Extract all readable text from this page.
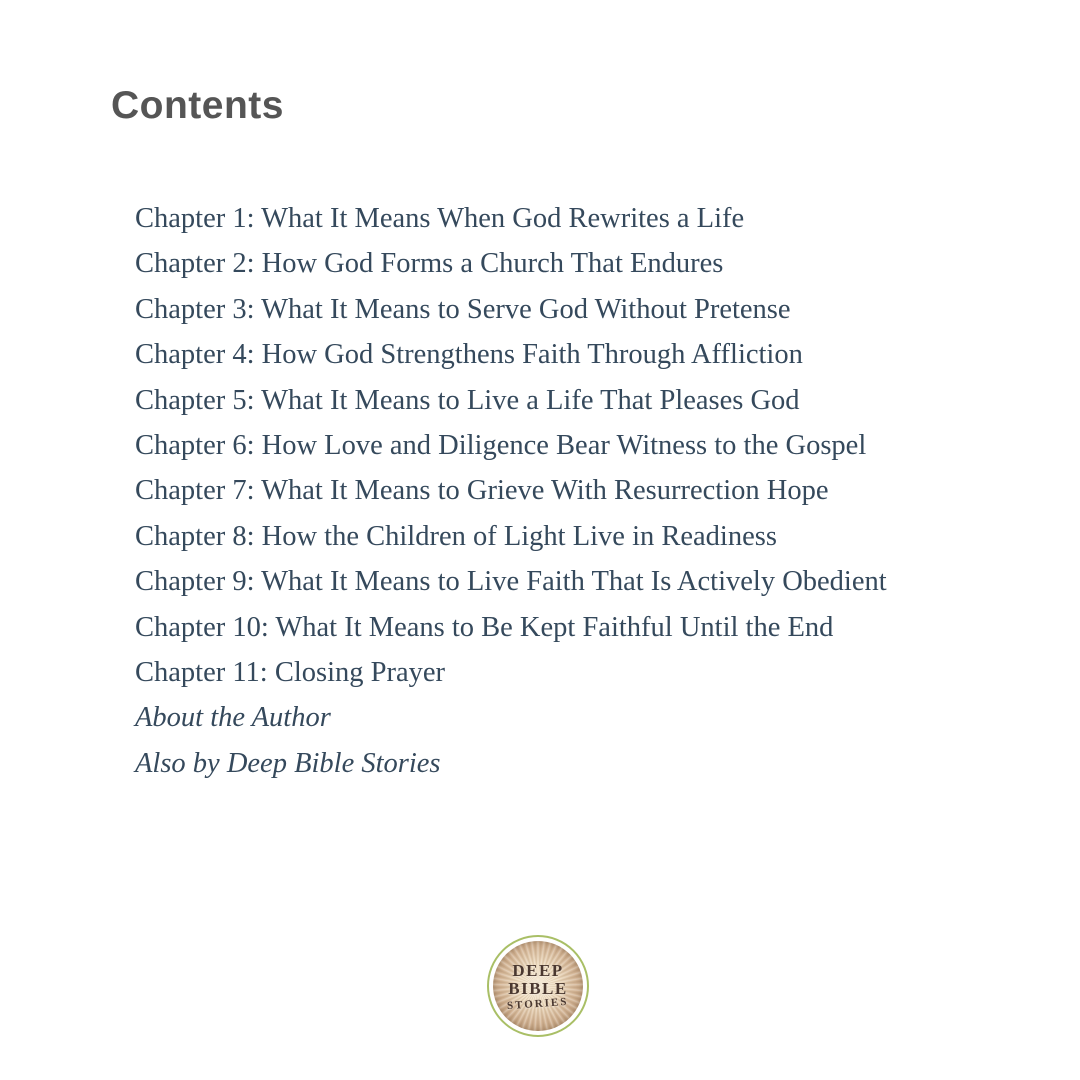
Contents
Chapter 1: What It Means When God Rewrites a Life
Chapter 2: How God Forms a Church That Endures
Chapter 3: What It Means to Serve God Without Pretense
Chapter 4: How God Strengthens Faith Through Affliction
Chapter 5: What It Means to Live a Life That Pleases God
Chapter 6: How Love and Diligence Bear Witness to the Gospel
Chapter 7: What It Means to Grieve With Resurrection Hope
Chapter 8: How the Children of Light Live in Readiness
Chapter 9: What It Means to Live Faith That Is Actively Obedient
Chapter 10: What It Means to Be Kept Faithful Until the End
Chapter 11: Closing Prayer
About the Author
Also by Deep Bible Stories
DEEP
BIBLE
STORIES
